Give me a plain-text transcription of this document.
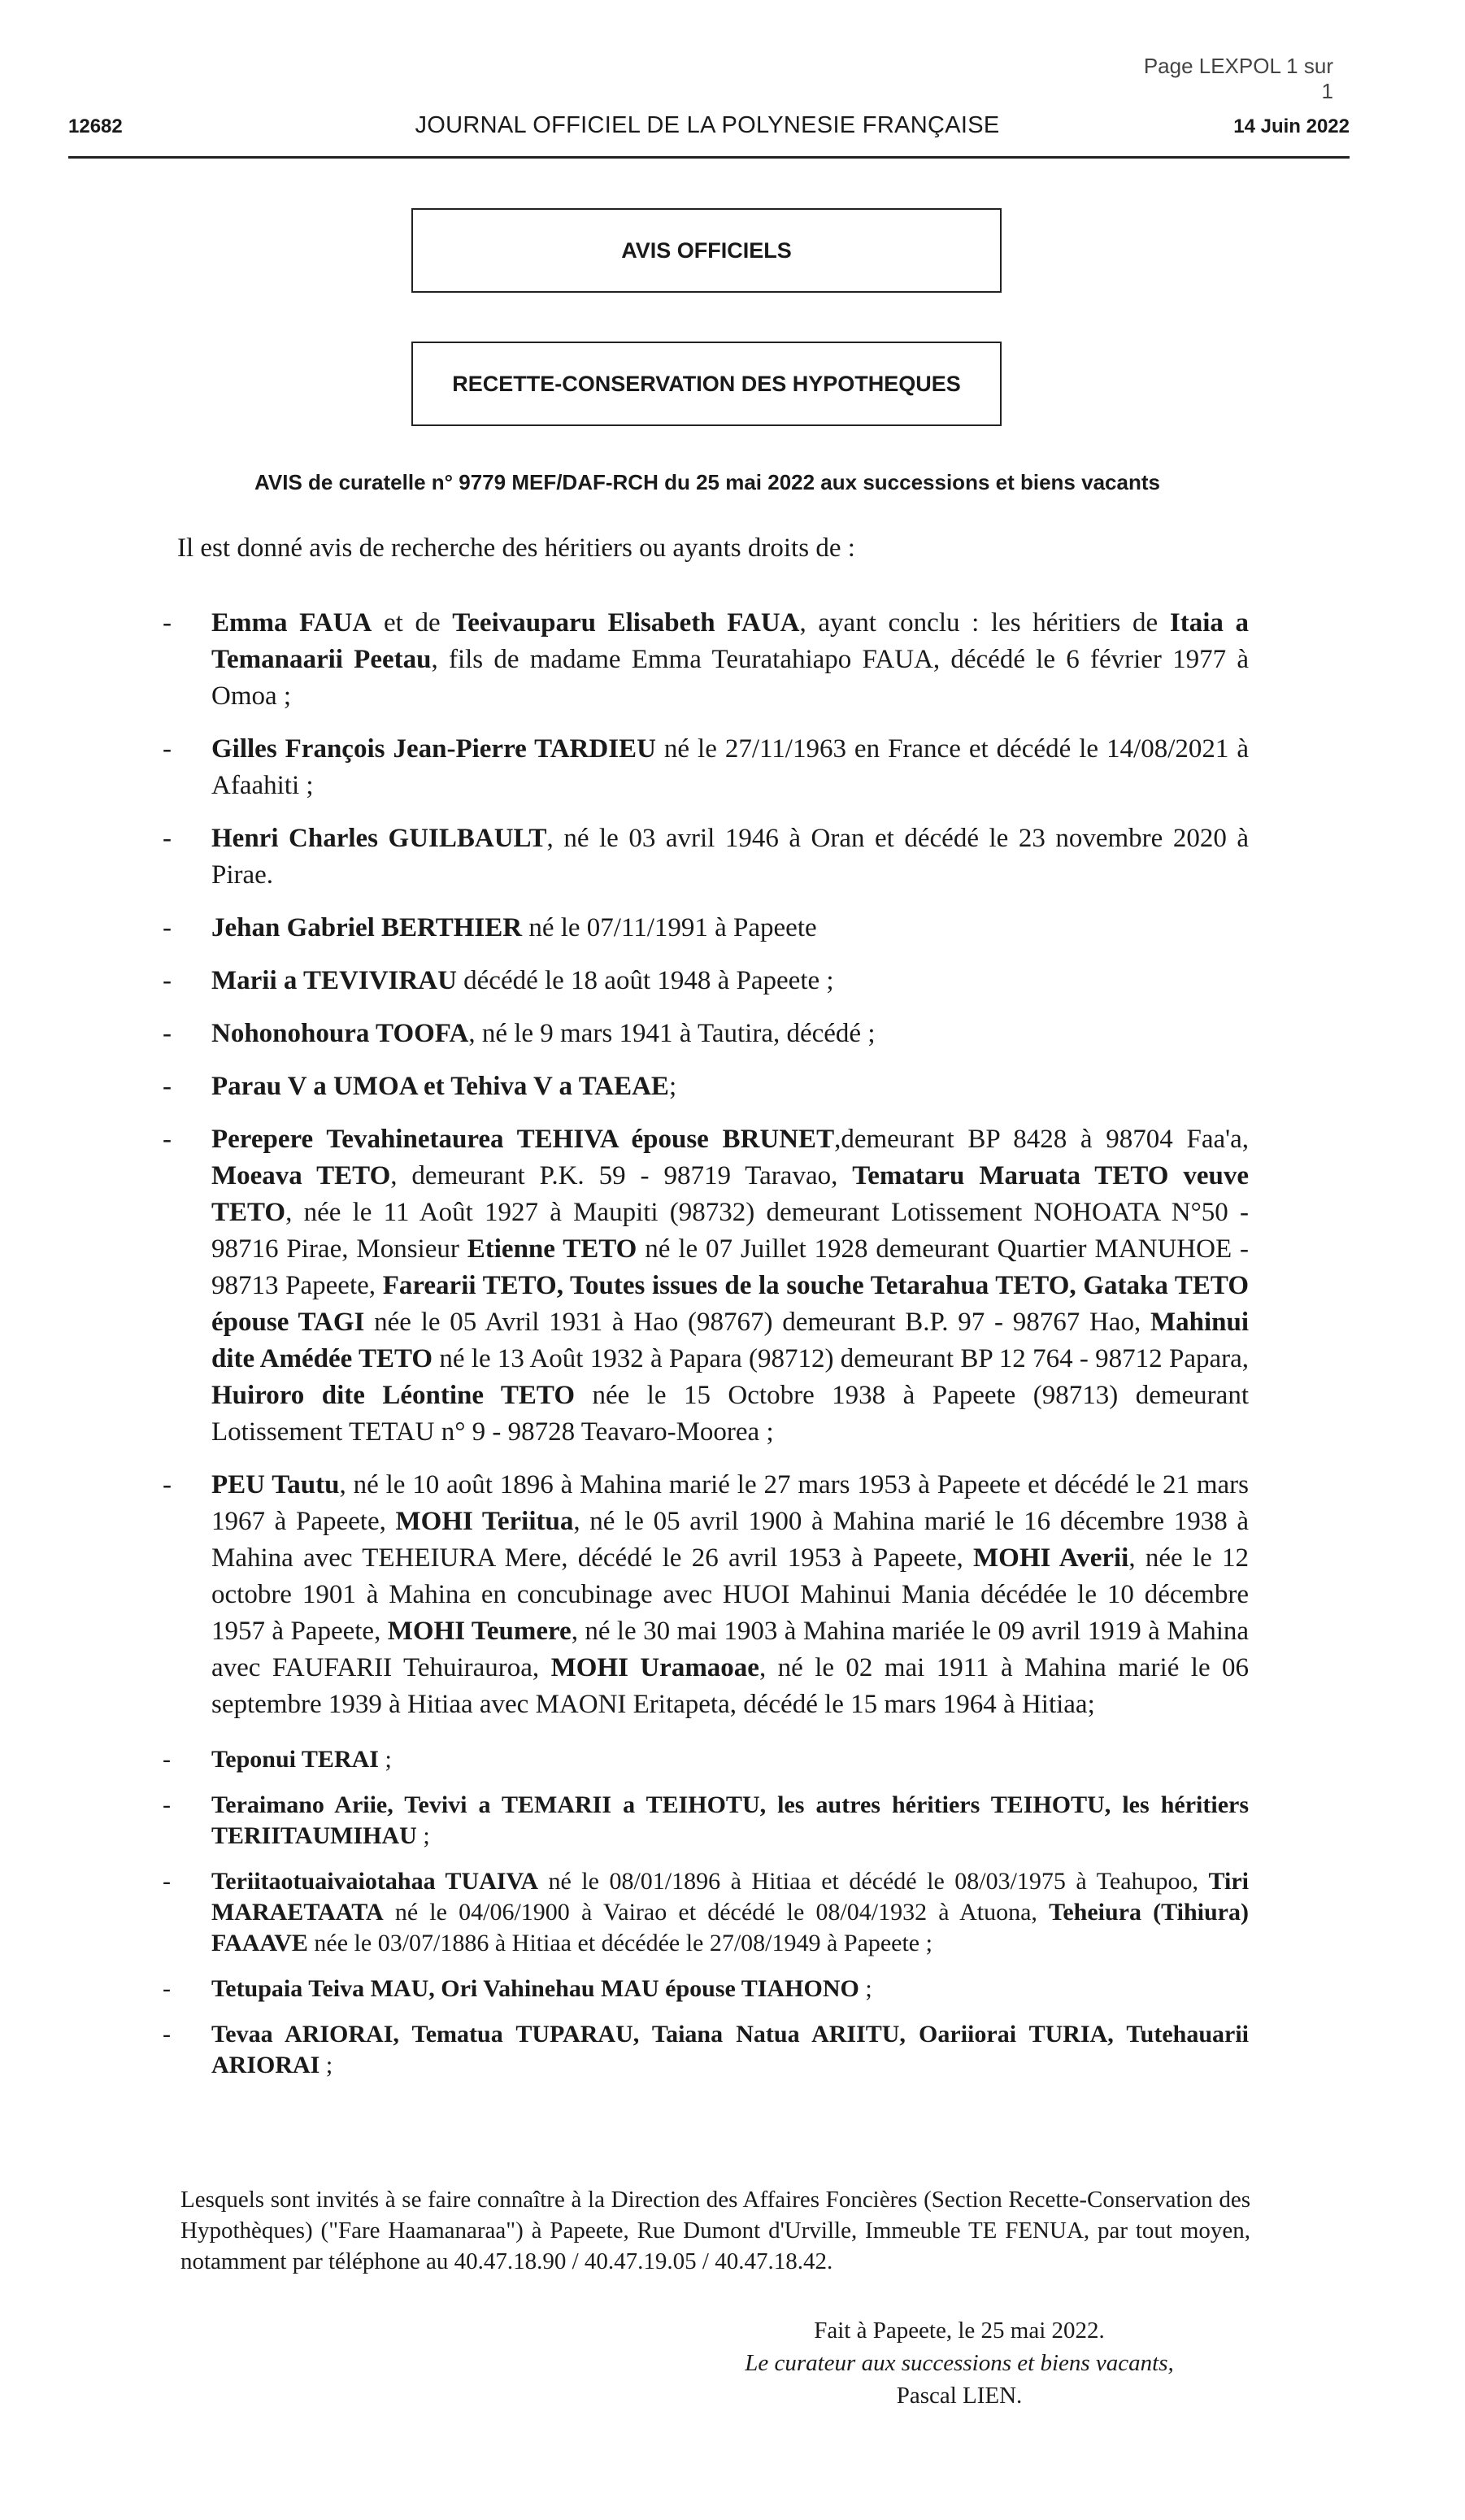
Page LEXPOL 1 sur 1
12682	JOURNAL OFFICIEL DE LA POLYNESIE FRANÇAISE	14 Juin 2022
AVIS OFFICIELS
RECETTE-CONSERVATION DES HYPOTHEQUES
AVIS de curatelle n° 9779 MEF/DAF-RCH du 25 mai 2022 aux successions et biens vacants
Il est donné avis de recherche des héritiers ou ayants droits de :
- Emma FAUA et de Teeivauparu Elisabeth FAUA, ayant conclu : les héritiers de Itaia a Temanaarii Peetau, fils de madame Emma Teuratahiapo FAUA, décédé le 6 février 1977 à Omoa ;
- Gilles François Jean-Pierre TARDIEU né le 27/11/1963 en France et décédé le 14/08/2021 à Afaahiti ;
- Henri Charles GUILBAULT, né le 03 avril 1946 à Oran et décédé le 23 novembre 2020 à Pirae.
- Jehan Gabriel BERTHIER né le 07/11/1991 à Papeete
- Marii a TEVIVIRAU décédé le 18 août 1948 à Papeete ;
- Nohonohoura TOOFA, né le 9 mars 1941 à Tautira, décédé ;
- Parau V a UMOA et Tehiva V a TAEAE;
- Perepere Tevahinetaurea TEHIVA épouse BRUNET,demeurant BP 8428 à 98704 Faa'a, Moeava TETO, demeurant P.K. 59 - 98719 Taravao, Temataru Maruata TETO veuve TETO, née le 11 Août 1927 à Maupiti (98732) demeurant Lotissement NOHOATA N°50 - 98716 Pirae, Monsieur Etienne TETO né le 07 Juillet 1928 demeurant Quartier MANUHOE - 98713 Papeete, Farearii TETO, Toutes issues de la souche Tetarahua TETO, Gataka TETO épouse TAGI née le 05 Avril 1931 à Hao (98767) demeurant B.P. 97 - 98767 Hao, Mahinui dite Amédée TETO né le 13 Août 1932 à Papara (98712) demeurant BP 12 764 - 98712 Papara, Huiroro dite Léontine TETO née le 15 Octobre 1938 à Papeete (98713) demeurant Lotissement TETAU n° 9 - 98728 Teavaro-Moorea ;
- PEU Tautu, né le 10 août 1896 à Mahina marié le 27 mars 1953 à Papeete et décédé le 21 mars 1967 à Papeete, MOHI Teriitua, né le 05 avril 1900 à Mahina marié le 16 décembre 1938 à Mahina avec TEHEIURA Mere, décédé le 26 avril 1953 à Papeete, MOHI Averii, née le 12 octobre 1901 à Mahina en concubinage avec HUOI Mahinui Mania décédée le 10 décembre 1957 à Papeete, MOHI Teumere, né le 30 mai 1903 à Mahina mariée le 09 avril 1919 à Mahina avec FAUFARII Tehuirauroa, MOHI Uramaoae, né le 02 mai 1911 à Mahina marié le 06 septembre 1939 à Hitiaa avec MAONI Eritapeta, décédé le 15 mars 1964 à Hitiaa;
- Teponui TERAI ;
- Teraimano Ariie, Tevivi a TEMARII a TEIHOTU, les autres héritiers TEIHOTU, les héritiers TERIITAUMIHAU ;
- Teriitaotuaivaiotahaa TUAIVA né le 08/01/1896 à Hitiaa et décédé le 08/03/1975 à Teahupoo, Tiri MARAETAATA né le 04/06/1900 à Vairao et décédé le 08/04/1932 à Atuona, Teheiura (Tihiura) FAAAVE née le 03/07/1886 à Hitiaa et décédée le 27/08/1949 à Papeete ;
- Tetupaia Teiva MAU, Ori Vahinehau MAU épouse TIAHONO ;
- Tevaa ARIORAI, Tematua TUPARAU, Taiana Natua ARIITU, Oariiorai TURIA, Tutehauarii ARIORAI ;
Lesquels sont invités à se faire connaître à la Direction des Affaires Foncières (Section Recette-Conservation des Hypothèques) ("Fare Haamanaraa") à Papeete, Rue Dumont d'Urville, Immeuble TE FENUA, par tout moyen, notamment par téléphone au 40.47.18.90 / 40.47.19.05 / 40.47.18.42.
Fait à Papeete, le 25 mai 2022.
Le curateur aux successions et biens vacants,
Pascal LIEN.
